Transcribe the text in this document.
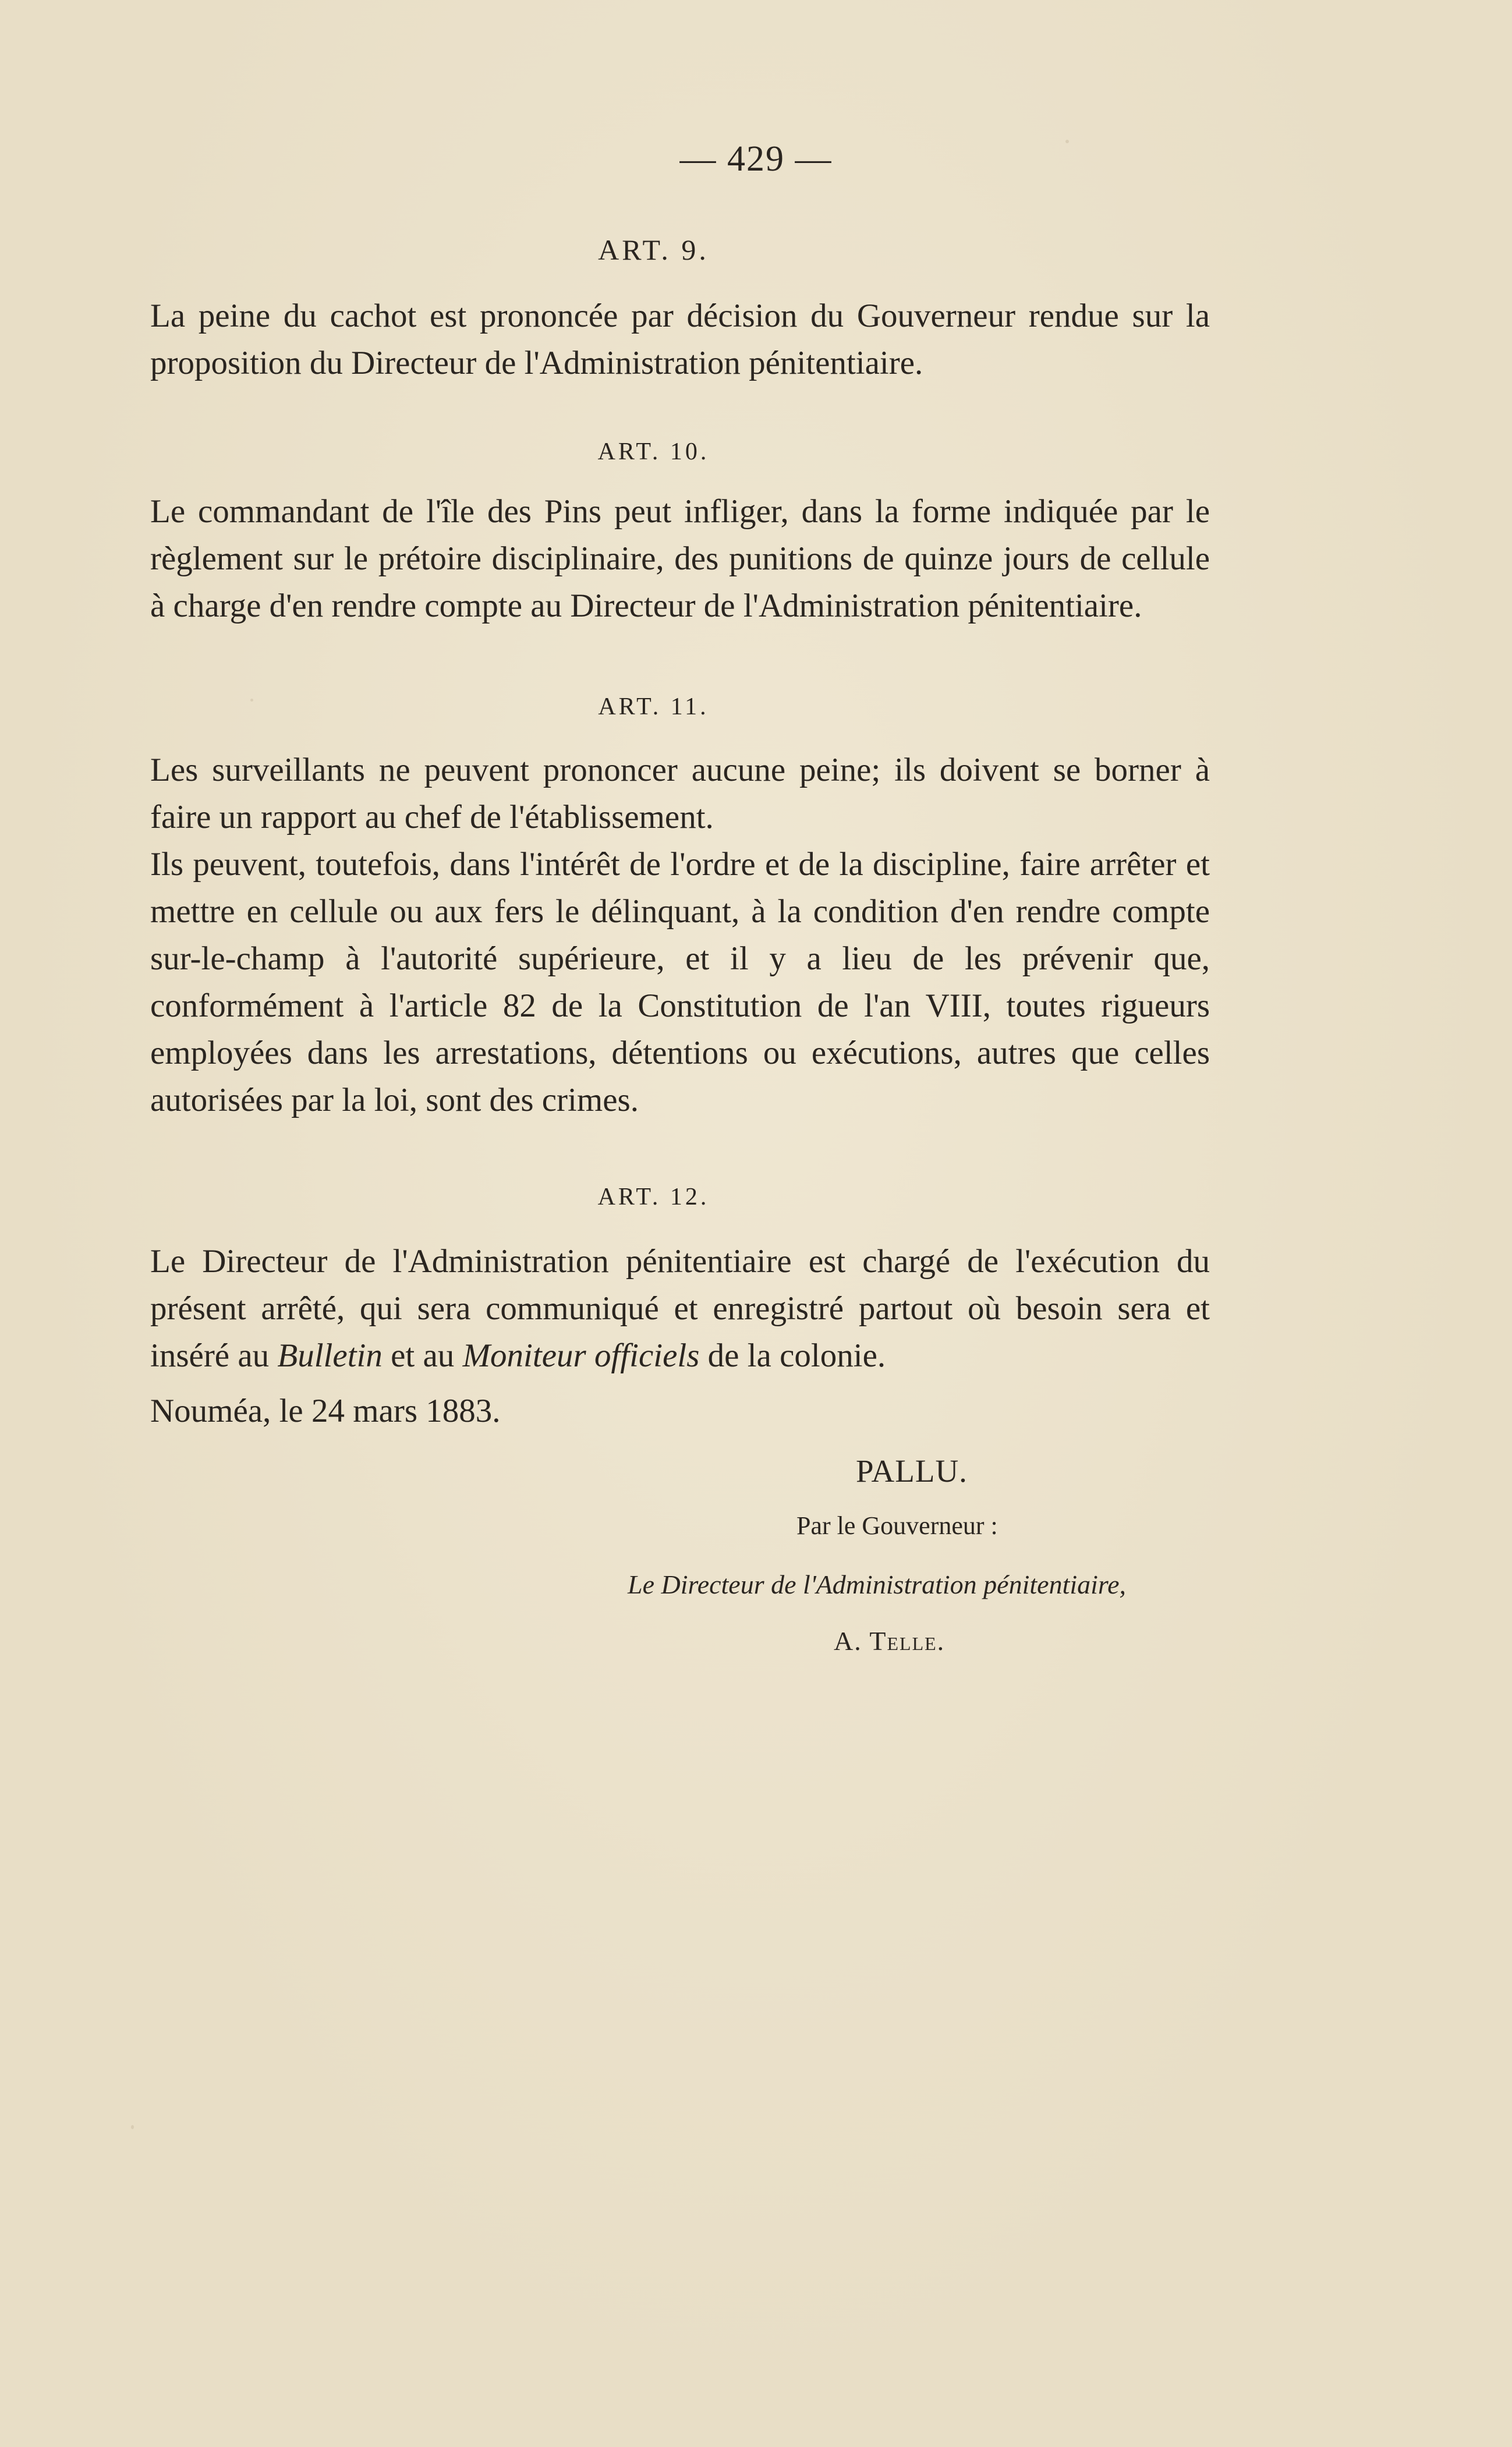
— 429 —
ART. 9.

La peine du cachot est prononcée par décision du Gouverneur rendue sur la proposition du Directeur de l'Administration pénitentiaire.

ART. 10.

Le commandant de l'île des Pins peut infliger, dans la forme indiquée par le règlement sur le prétoire disciplinaire, des punitions de quinze jours de cellule à charge d'en rendre compte au Directeur de l'Administration pénitentiaire.

ART. 11.

Les surveillants ne peuvent prononcer aucune peine; ils doivent se borner à faire un rapport au chef de l'établissement.

Ils peuvent, toutefois, dans l'intérêt de l'ordre et de la discipline, faire arrêter et mettre en cellule ou aux fers le délinquant, à la condition d'en rendre compte sur-le-champ à l'autorité supérieure, et il y a lieu de les prévenir que, conformément à l'article 82 de la Constitution de l'an VIII, toutes rigueurs employées dans les arrestations, détentions ou exécutions, autres que celles autorisées par la loi, sont des crimes.

ART. 12.

Le Directeur de l'Administration pénitentiaire est chargé de l'exécution du présent arrêté, qui sera communiqué et enregistré partout où besoin sera et inséré au Bulletin et au Moniteur officiels de la colonie.

Nouméa, le 24 mars 1883.
PALLU.
Par le Gouverneur :
Le Directeur de l'Administration pénitentiaire,
A. Telle.
